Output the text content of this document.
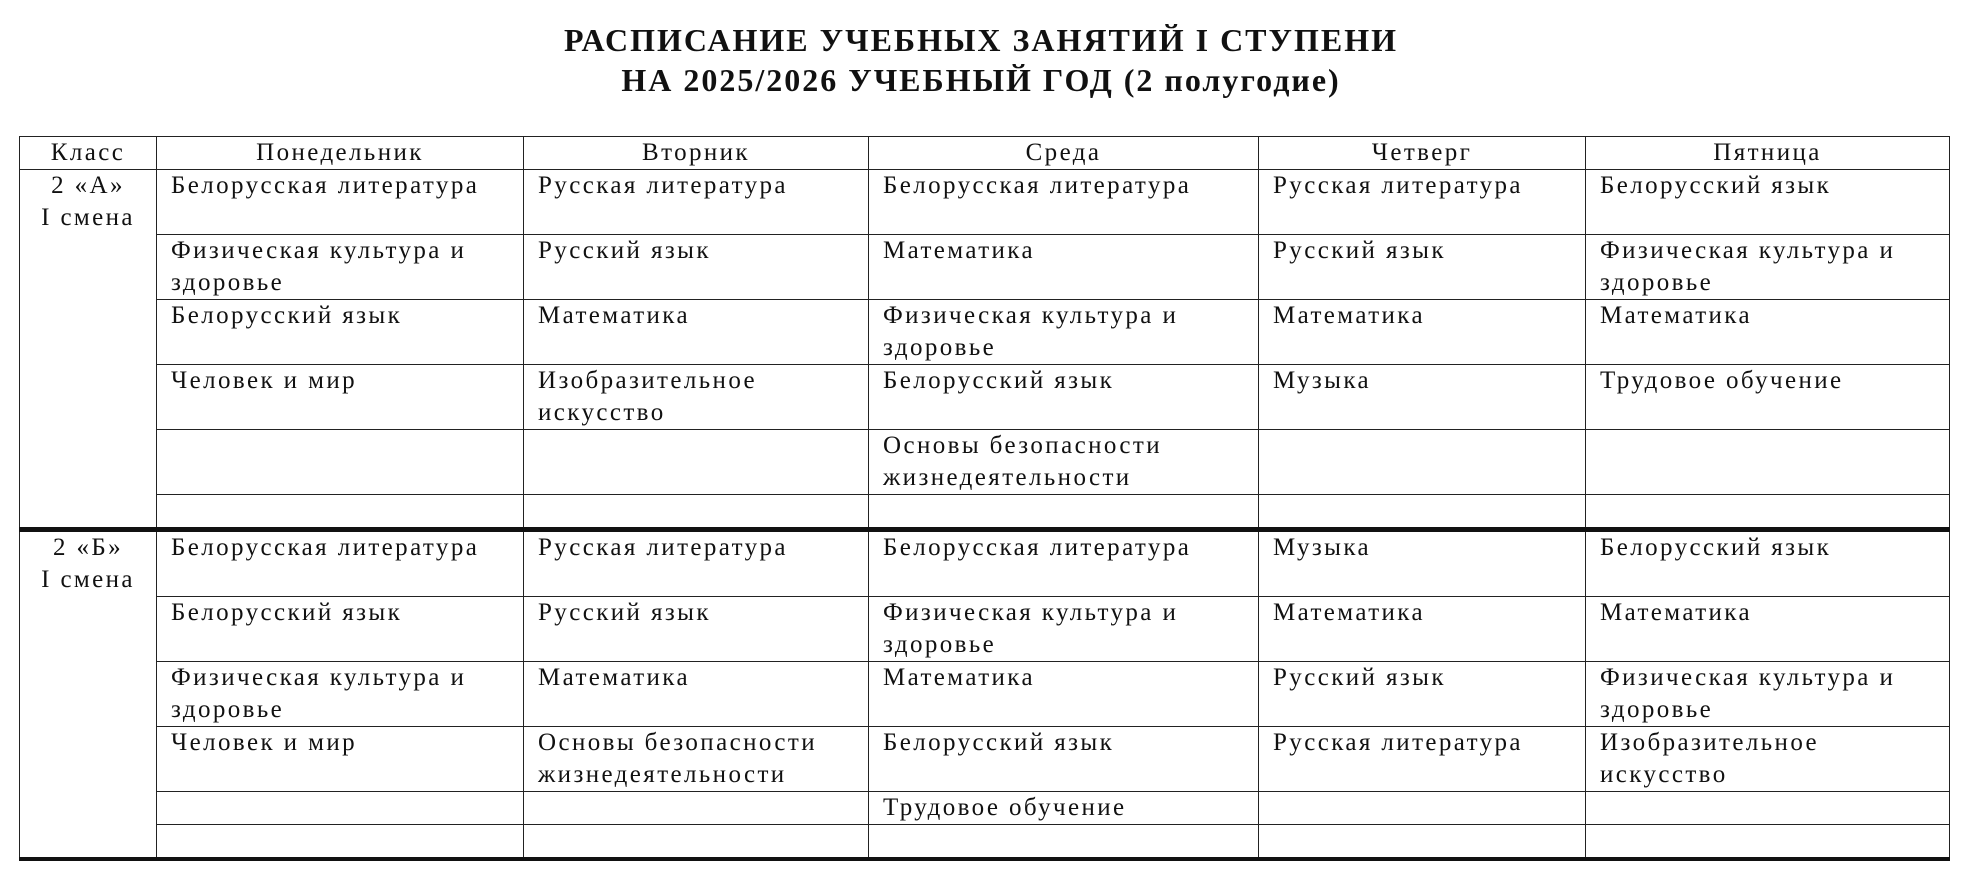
РАСПИСАНИЕ УЧЕБНЫХ ЗАНЯТИЙ I СТУПЕНИ
НА 2025/2026 УЧЕБНЫЙ ГОД (2 полугодие)
Класс	Понедельник	Вторник	Среда	Четверг	Пятница

2 «А»
I смена	Белорусская литература	Русская литература	Белорусская литература	Русская литература	Белорусский язык
	Физическая культура и здоровье	Русский язык	Математика	Русский язык	Физическая культура и здоровье
	Белорусский язык	Математика	Физическая культура и здоровье	Математика	Математика
	Человек и мир	Изобразительное искусство	Белорусский язык	Музыка	Трудовое обучение
			Основы безопасности жизнедеятельности		

2 «Б»
I смена	Белорусская литература	Русская литература	Белорусская литература	Музыка	Белорусский язык
	Белорусский язык	Русский язык	Физическая культура и здоровье	Математика	Математика
	Физическая культура и здоровье	Математика	Математика	Русский язык	Физическая культура и здоровье
	Человек и мир	Основы безопасности жизнедеятельности	Белорусский язык	Русская литература	Изобразительное искусство
			Трудовое обучение		
